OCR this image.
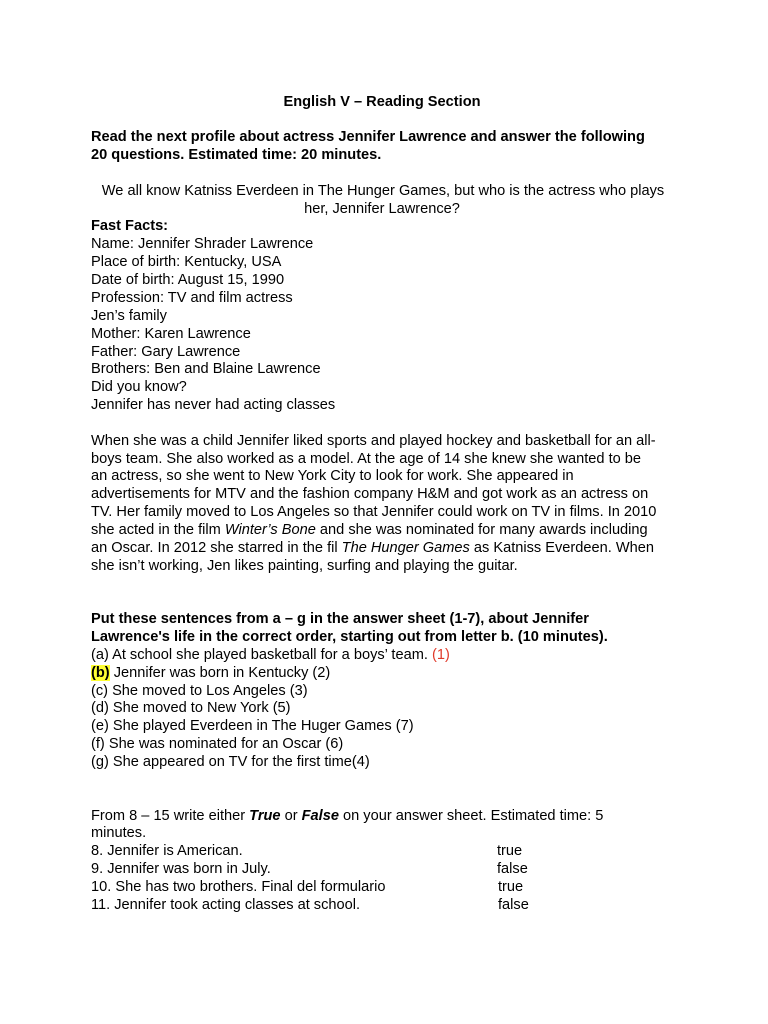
English V – Reading Section
Read the next profile about actress Jennifer Lawrence and answer the following
20 questions. Estimated time: 20 minutes.
We all know Katniss Everdeen in The Hunger Games, but who is the actress who plays
her, Jennifer Lawrence?
Fast Facts:
Name: Jennifer Shrader Lawrence
Place of birth: Kentucky, USA
Date of birth: August 15, 1990
Profession: TV and film actress
Jen’s family
Mother: Karen Lawrence
Father: Gary Lawrence
Brothers: Ben and Blaine Lawrence
Did you know?
Jennifer has never had acting classes
When she was a child Jennifer liked sports and played hockey and basketball for an all-
boys team. She also worked as a model. At the age of 14 she knew she wanted to be
an actress, so she went to New York City to look for work. She appeared in
advertisements for MTV and the fashion company H&M and got work as an actress on
TV. Her family moved to Los Angeles so that Jennifer could work on TV in films. In 2010
she acted in the film Winter’s Bone and she was nominated for many awards including
an Oscar. In 2012 she starred in the fil The Hunger Games as Katniss Everdeen. When
she isn’t working, Jen likes painting, surfing and playing the guitar.
Put these sentences from a – g in the answer sheet (1-7), about Jennifer
Lawrence's life in the correct order, starting out from letter b. (10 minutes).
(a) At school she played basketball for a boys’ team. (1)
(b) Jennifer was born in Kentucky (2)
(c) She moved to Los Angeles (3)
(d) She moved to New York (5)
(e) She played Everdeen in The Huger Games (7)
(f) She was nominated for an Oscar (6)
(g) She appeared on TV for the first time(4)
From 8 – 15 write either True or False on your answer sheet. Estimated time: 5
minutes.
8. Jennifer is American.	true
9. Jennifer was born in July.	false
10. She has two brothers. Final del formulario	true
11. Jennifer took acting classes at school.	false
